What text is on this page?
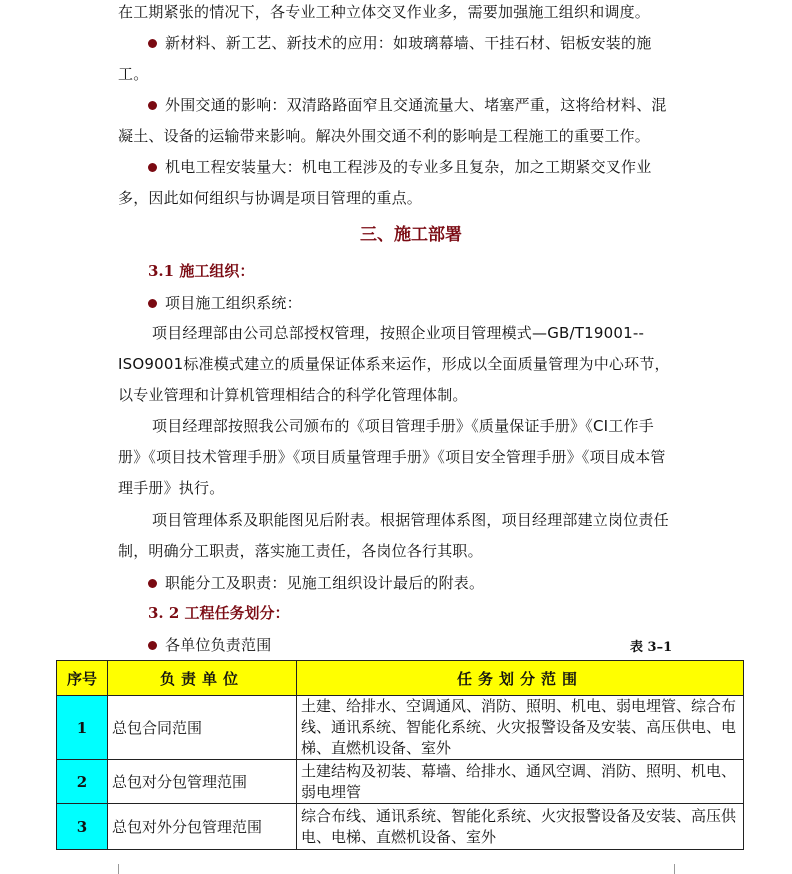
在工期紧张的情况下，各专业工种立体交叉作业多，需要加强施工组织和调度。
新材料、新工艺、新技术的应用：如玻璃幕墙、干挂石材、铝板安装的施工。
外围交通的影响：双清路路面窄且交通流量大、堵塞严重，这将给材料、混凝土、设备的运输带来影响。解决外围交通不利的影响是工程施工的重要工作。
机电工程安装量大：机电工程涉及的专业多且复杂，加之工期紧交叉作业多，因此如何组织与协调是项目管理的重点。
三、施工部署
3.1 施工组织：
项目施工组织系统：
项目经理部由公司总部授权管理，按照企业项目管理模式—GB/T19001--ISO9001标准模式建立的质量保证体系来运作，形成以全面质量管理为中心环节，以专业管理和计算机管理相结合的科学化管理体制。
项目经理部按照我公司颁布的《项目管理手册》《质量保证手册》《CI工作手册》《项目技术管理手册》《项目质量管理手册》《项目安全管理手册》《项目成本管理手册》执行。
项目管理体系及职能图见后附表。根据管理体系图，项目经理部建立岗位责任制，明确分工职责，落实施工责任，各岗位各行其职。
职能分工及职责：见施工组织设计最后的附表。
3. 2 工程任务划分：
各单位负责范围	表 3–1
序号	负责单位	任务划分范围
1	总包合同范围	土建、给排水、空调通风、消防、照明、机电、弱电埋管、综合布线、通讯系统、智能化系统、火灾报警设备及安装、高压供电、电梯、直燃机设备、室外
2	总包对分包管理范围	土建结构及初装、幕墙、给排水、通风空调、消防、照明、机电、弱电埋管
3	总包对外分包管理范围	综合布线、通讯系统、智能化系统、火灾报警设备及安装、高压供电、电梯、直燃机设备、室外
